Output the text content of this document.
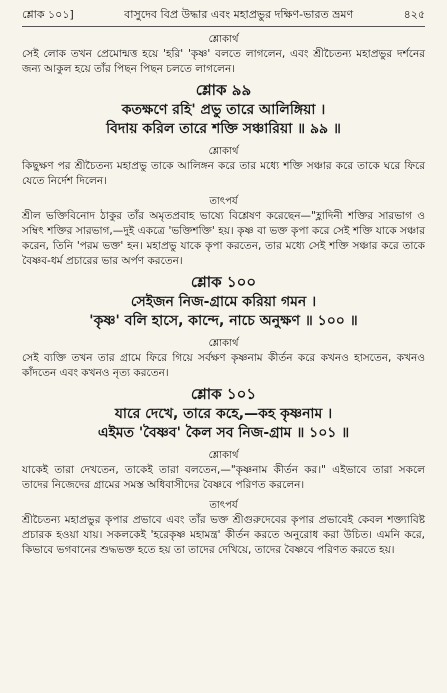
শ্লোক ১০১]	বাসুদেব বিপ্র উদ্ধার এবং মহাপ্রভুর দক্ষিণ-ভারত ভ্রমণ	৪২৫
শ্লোকার্থ
সেই লোক তখন প্রেমোন্মত্ত হয়ে 'হরি' 'কৃষ্ণ' বলতে লাগলেন, এবং শ্রীচৈতন্য মহাপ্রভুর দর্শনের জন্য আকুল হয়ে তাঁর পিছন পিছন চলতে লাগলেন।
শ্লোক ৯৯
কতক্ষণে রহি' প্রভু তারে আলিঙ্গিয়া ।
বিদায় করিল তারে শক্তি সঞ্চারিয়া ॥ ৯৯ ॥
শ্লোকার্থ
কিছুক্ষণ পর শ্রীচৈতন্য মহাপ্রভু তাকে আলিঙ্গন করে তার মধ্যে শক্তি সঞ্চার করে তাকে ঘরে ফিরে যেতে নির্দেশ দিলেন।
তাৎপর্য
শ্রীল ভক্তিবিনোদ ঠাকুর তাঁর অমৃতপ্রবাহ ভাষ্যে বিশ্লেষণ করেছেন—"হ্লাদিনী শক্তির সারভাগ ও সম্বিৎ শক্তির সারভাগ,—দুই একত্রে 'ভক্তিশক্তি' হয়। কৃষ্ণ বা ভক্ত কৃপা করে সেই শক্তি যাকে সঞ্চার করেন, তিনি 'পরম ভক্ত' হন। মহাপ্রভু যাকে কৃপা করতেন, তার মধ্যে সেই শক্তি সঞ্চার করে তাকে বৈষ্ণব-ধর্ম প্রচারের ভার অর্পণ করতেন।
শ্লোক ১০০
সেইজন নিজ-গ্রামে করিয়া গমন ।
'কৃষ্ণ' বলি হাসে, কান্দে, নাচে অনুক্ষণ ॥ ১০০ ॥
শ্লোকার্থ
সেই ব্যক্তি তখন তার গ্রামে ফিরে গিয়ে সর্বক্ষণ কৃষ্ণনাম কীর্তন করে কখনও হাসতেন, কখনও কাঁদতেন এবং কখনও নৃত্য করতেন।
শ্লোক ১০১
যারে দেখে, তারে কহে,—কহ কৃষ্ণনাম ।
এইমত 'বৈষ্ণব' কৈল সব নিজ-গ্রাম ॥ ১০১ ॥
শ্লোকার্থ
যাকেই তারা দেখতেন, তাকেই তারা বলতেন,—"কৃষ্ণনাম কীর্তন কর।" এইভাবে তারা সকলে তাদের নিজেদের গ্রামের সমস্ত অধিবাসীদের বৈষ্ণবে পরিণত করলেন।
তাৎপর্য
শ্রীচৈতন্য মহাপ্রভুর কৃপার প্রভাবে এবং তাঁর ভক্ত শ্রীগুরুদেবের কৃপার প্রভাবেই কেবল শক্ত্যাবিষ্ট প্রচারক হওয়া যায়। সকলকেই 'হরেকৃষ্ণ মহামন্ত্র' কীর্তন করতে অনুরোধ করা উচিত। এমনি করে, কিভাবে ভগবানের শুদ্ধভক্ত হতে হয় তা তাদের দেখিয়ে, তাদের বৈষ্ণবে পরিণত করতে হয়।
